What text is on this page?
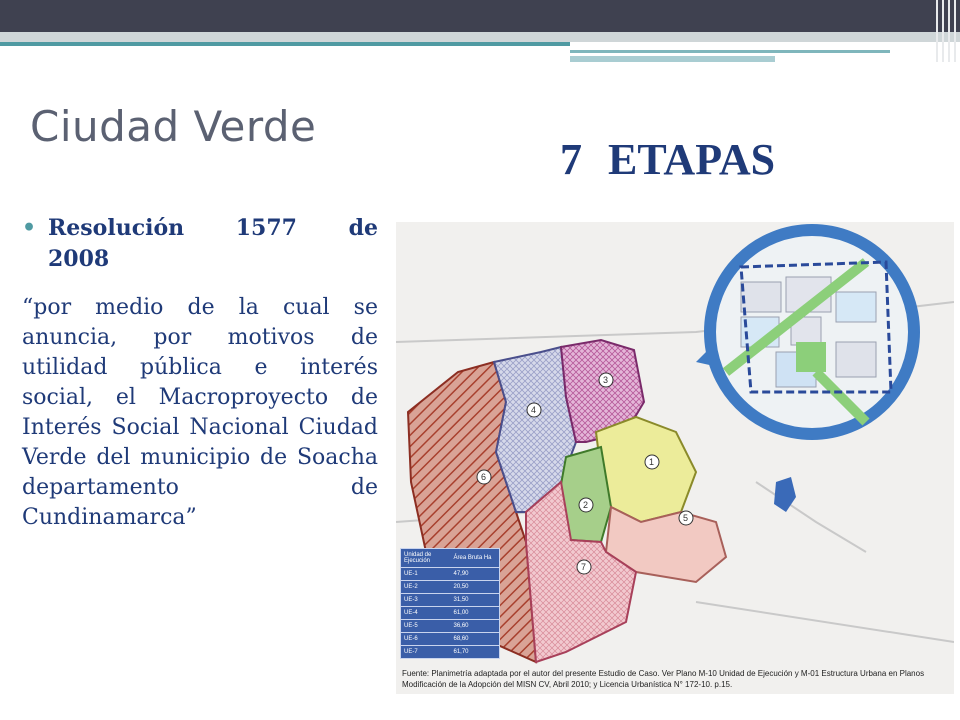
Ciudad Verde
7 ETAPAS
• Resolución 1577 de
2008
“por medio de la cual se anuncia, por motivos de utilidad pública e interés social, el Macroproyecto de Interés Social Nacional Ciudad Verde del municipio de Soacha departamento de Cundinamarca”
1
2
3
4
5
6
7
Unidad de Ejecución	Área Bruta Ha
UE-1	47,90
UE-2	20,50
UE-3	31,50
UE-4	61,00
UE-5	36,60
UE-6	68,60
UE-7	61,70
Fuente: Planimetría adaptada por el autor del presente Estudio de Caso. Ver Plano M-10 Unidad de Ejecución y M-01 Estructura Urbana en Planos
Modificación de la Adopción del MISN CV, Abril 2010; y Licencia Urbanística N° 172-10. p.15.
